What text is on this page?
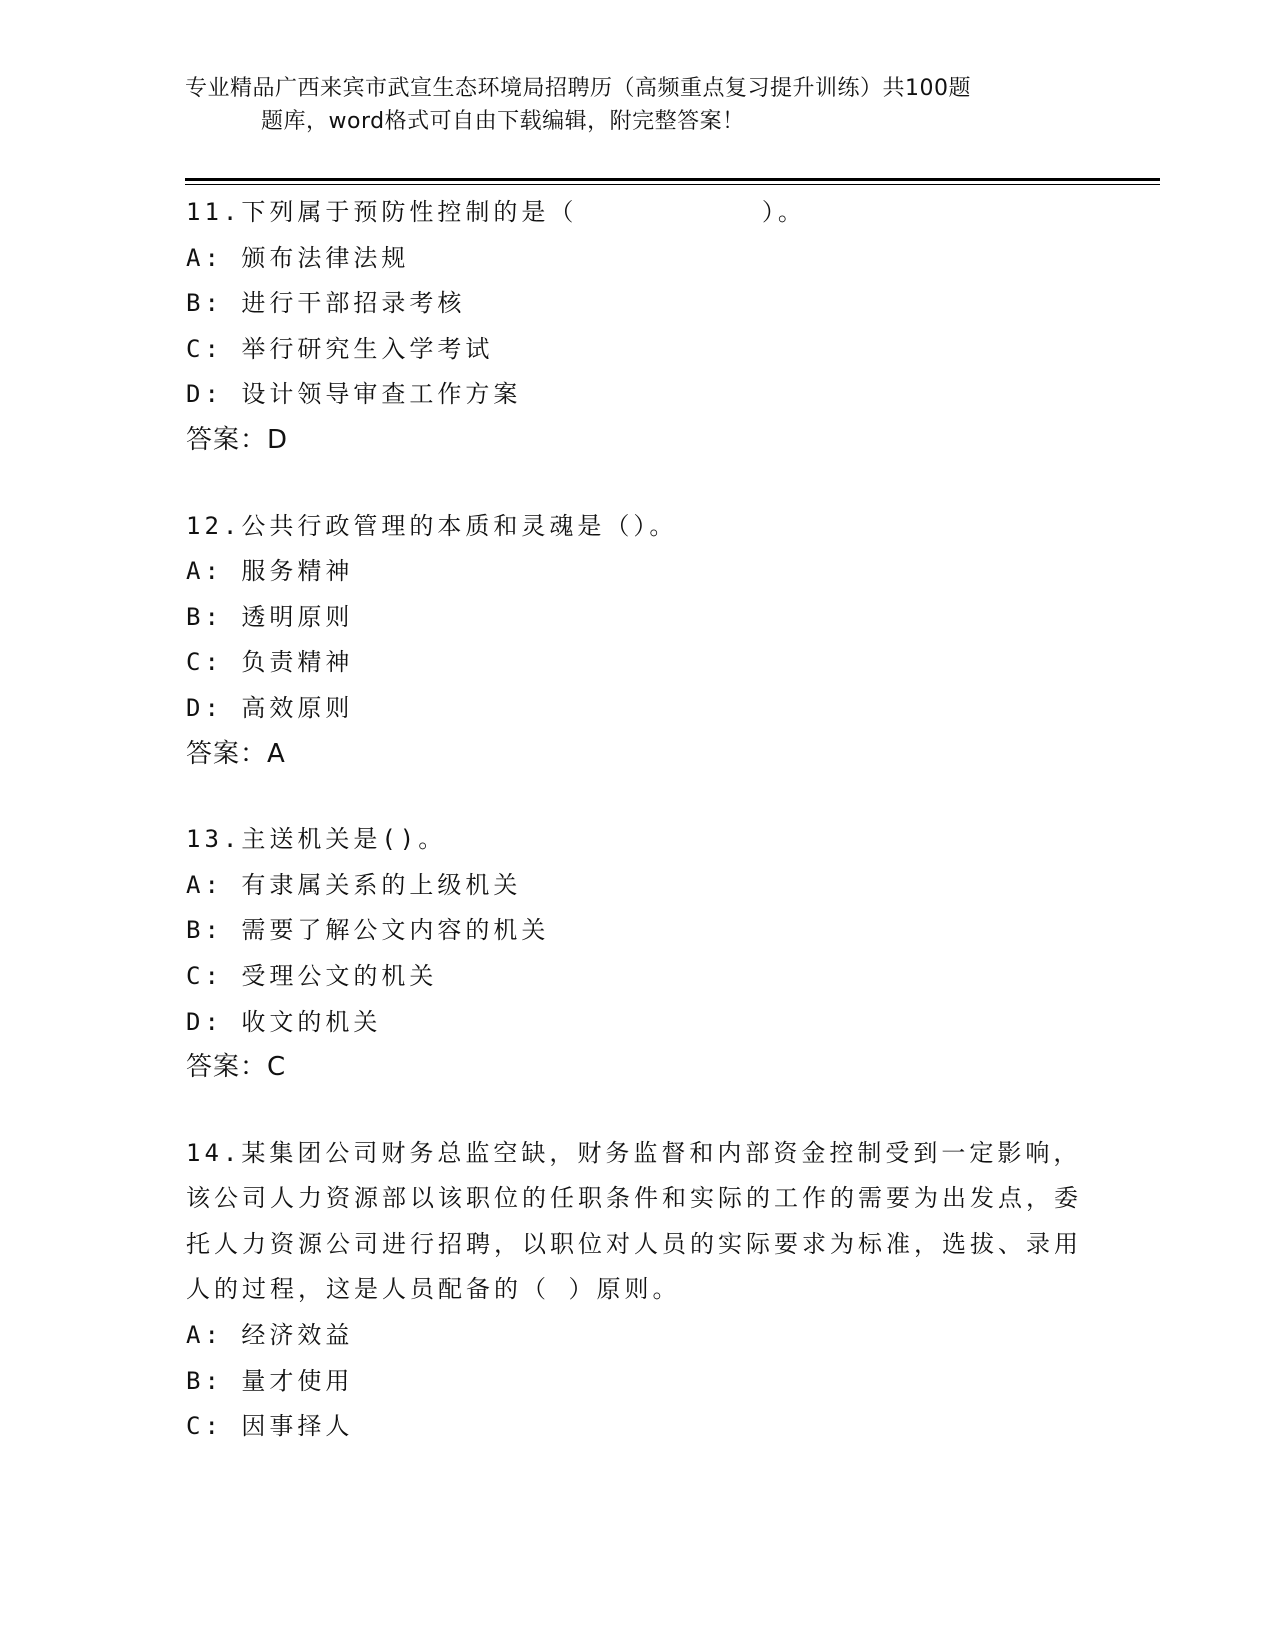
专业精品广西来宾市武宣生态环境局招聘历（高频重点复习提升训练）共100题
题库，word格式可自由下载编辑，附完整答案！
11.下列属于预防性控制的是（          ）。
A: 颁布法律法规
B: 进行干部招录考核
C: 举行研究生入学考试
D: 设计领导审查工作方案
答案：D
12.公共行政管理的本质和灵魂是（）。
A: 服务精神
B: 透明原则
C: 负责精神
D: 高效原则
答案：A
13.主送机关是()。
A: 有隶属关系的上级机关
B: 需要了解公文内容的机关
C: 受理公文的机关
D: 收文的机关
答案：C
14.某集团公司财务总监空缺，财务监督和内部资金控制受到一定影响，该公司人力资源部以该职位的任职条件和实际的工作的需要为出发点，委托人力资源公司进行招聘，以职位对人员的实际要求为标准，选拔、录用人的过程，这是人员配备的（ ）原则。
A: 经济效益
B: 量才使用
C: 因事择人
